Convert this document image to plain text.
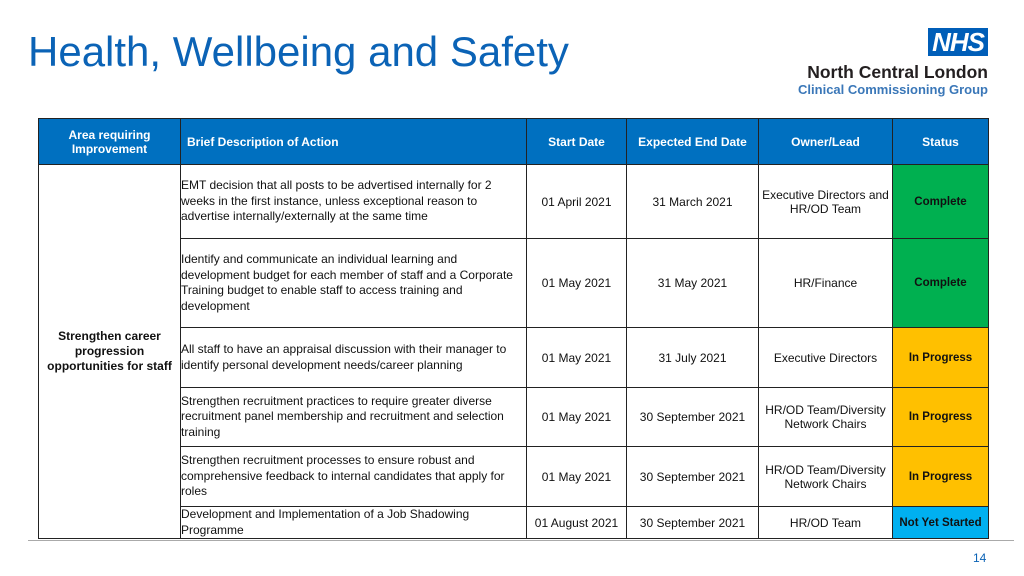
Health, Wellbeing and Safety	NHS
North Central London
Clinical Commissioning Group
Area requiring Improvement	Brief Description of Action	Start Date	Expected End Date	Owner/Lead	Status
Strengthen career progression opportunities for staff	EMT decision that all posts to be advertised internally for 2 weeks in the first instance, unless exceptional reason to advertise internally/externally at the same time	01 April 2021	31 March 2021	Executive Directors and HR/OD Team	Complete
	Identify and communicate an individual learning and development budget for each member of staff and a Corporate Training budget to enable staff to access training and development	01 May 2021	31 May 2021	HR/Finance	Complete
	All staff to have an appraisal discussion with their manager to identify personal development needs/career planning	01 May 2021	31 July 2021	Executive Directors	In Progress
	Strengthen recruitment practices to require greater diverse recruitment panel membership and recruitment and selection training	01 May 2021	30 September 2021	HR/OD Team/Diversity Network Chairs	In Progress
	Strengthen recruitment processes to ensure robust and comprehensive feedback to internal candidates that apply for roles	01 May 2021	30 September 2021	HR/OD Team/Diversity Network Chairs	In Progress
	Development and Implementation of a Job Shadowing Programme	01 August 2021	30 September 2021	HR/OD Team	Not Yet Started
14
